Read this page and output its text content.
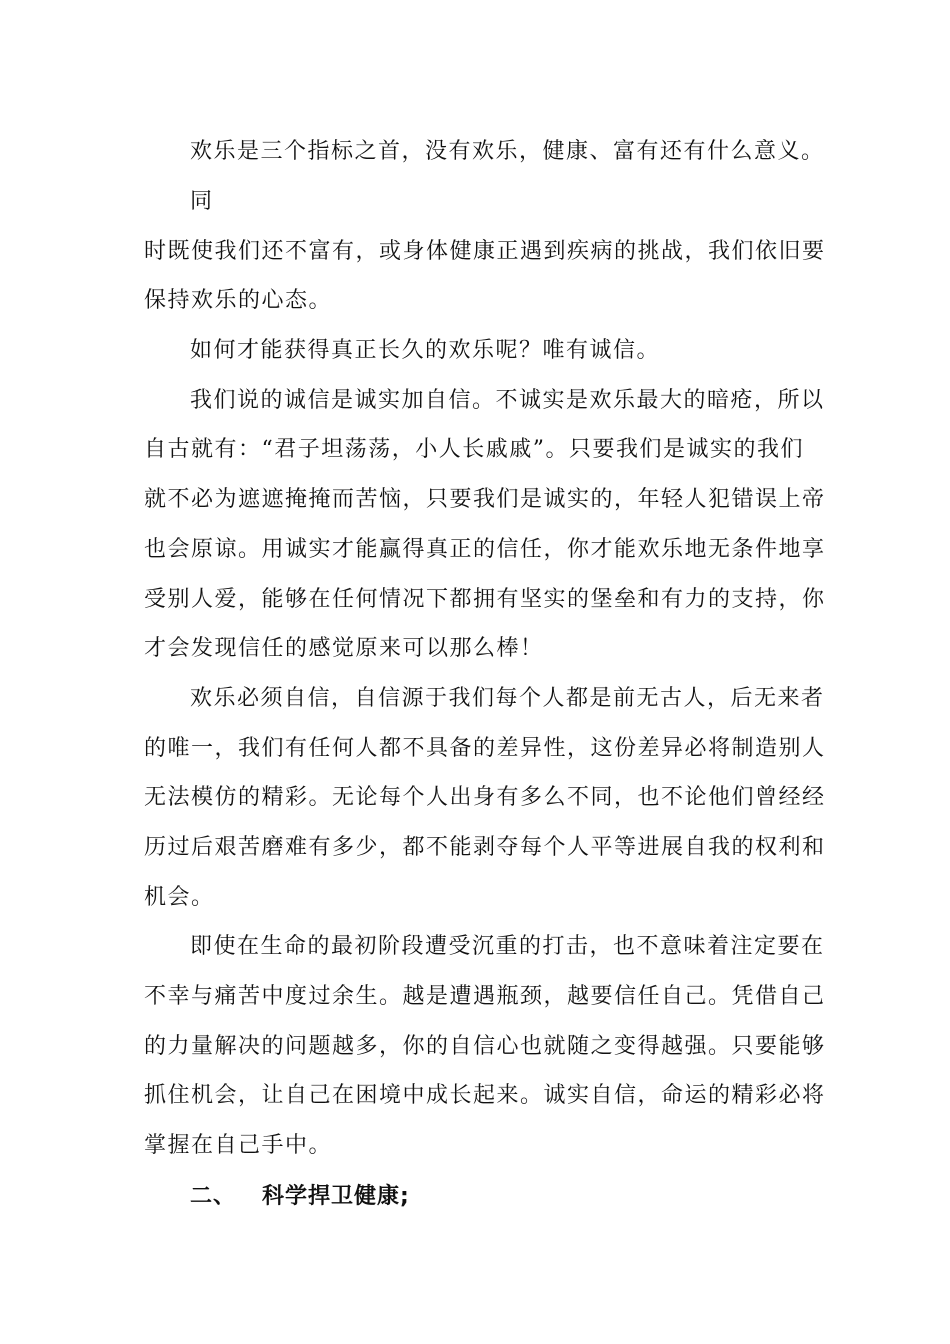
欢乐是三个指标之首，没有欢乐，健康、富有还有什么意义。
同
时既使我们还不富有，或身体健康正遇到疾病的挑战，我们依旧要
保持欢乐的心态。
如何才能获得真正长久的欢乐呢？唯有诚信。
我们说的诚信是诚实加自信。不诚实是欢乐最大的暗疮，所以
自古就有：“君子坦荡荡，小人长戚戚”。只要我们是诚实的我们
就不必为遮遮掩掩而苦恼，只要我们是诚实的，年轻人犯错误上帝
也会原谅。用诚实才能赢得真正的信任，你才能欢乐地无条件地享
受别人爱，能够在任何情况下都拥有坚实的堡垒和有力的支持，你
才会发现信任的感觉原来可以那么棒！
欢乐必须自信，自信源于我们每个人都是前无古人，后无来者
的唯一，我们有任何人都不具备的差异性，这份差异必将制造别人
无法模仿的精彩。无论每个人出身有多么不同，也不论他们曾经经
历过后艰苦磨难有多少，都不能剥夺每个人平等进展自我的权利和
机会。
即使在生命的最初阶段遭受沉重的打击，也不意味着注定要在
不幸与痛苦中度过余生。越是遭遇瓶颈，越要信任自己。凭借自己
的力量解决的问题越多，你的自信心也就随之变得越强。只要能够
抓住机会，让自己在困境中成长起来。诚实自信，命运的精彩必将
掌握在自己手中。
二、 科学捍卫健康;
